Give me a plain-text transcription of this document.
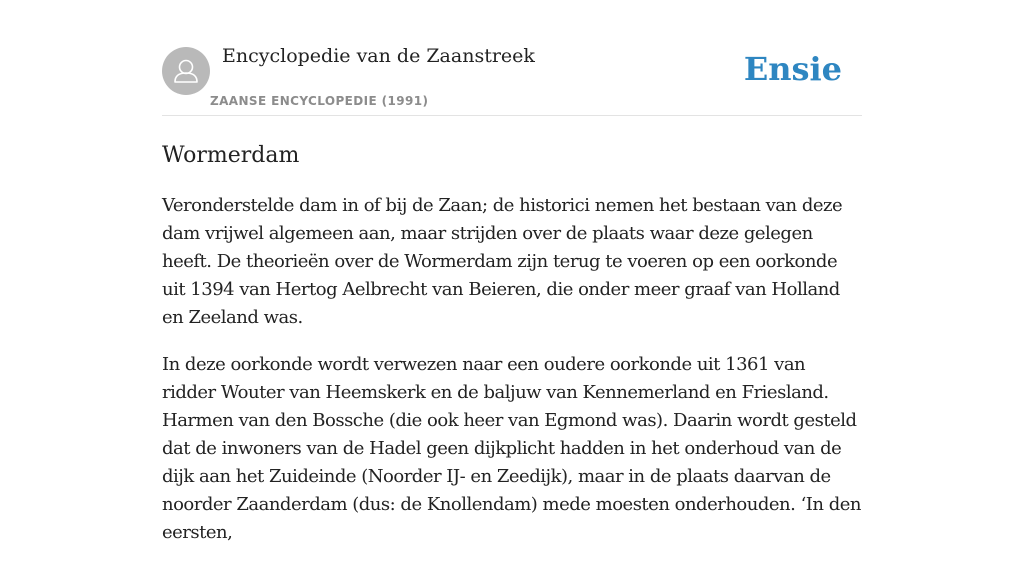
Encyclopedie van de Zaanstreek
ZAANSE ENCYCLOPEDIE (1991)
Ensie
Wormerdam

Veronderstelde dam in of bij de Zaan; de historici nemen het bestaan van deze dam vrijwel algemeen aan, maar strijden over de plaats waar deze gelegen heeft. De theorieën over de Wormerdam zijn terug te voeren op een oorkonde uit 1394 van Hertog Aelbrecht van Beieren, die onder meer graaf van Holland en Zeeland was.

In deze oorkonde wordt verwezen naar een oudere oorkonde uit 1361 van ridder Wouter van Heemskerk en de baljuw van Kennemerland en Friesland. Harmen van den Bossche (die ook heer van Egmond was). Daarin wordt gesteld dat de inwoners van de Hadel geen dijkplicht hadden in het onderhoud van de dijk aan het Zuideinde (Noorder IJ- en Zeedijk), maar in de plaats daarvan de noorder Zaanderdam (dus: de Knollendam) mede moesten onderhouden. ‘In den eersten,
